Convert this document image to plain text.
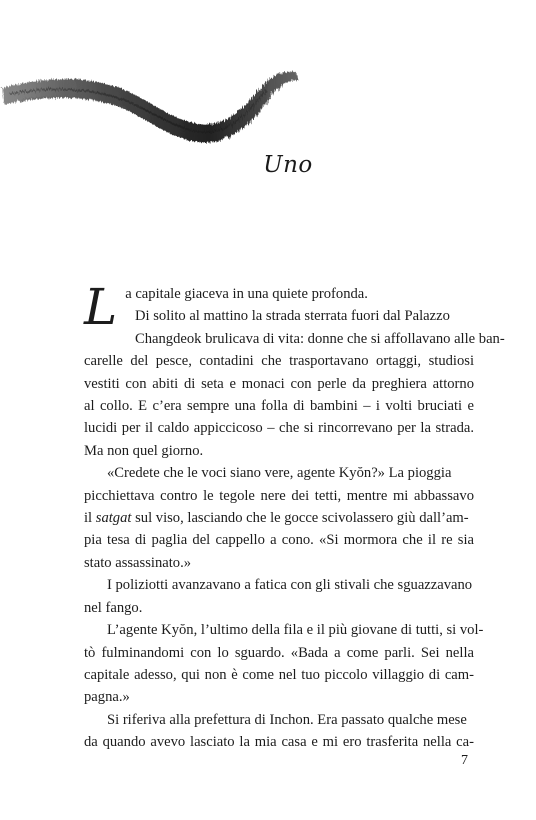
Uno

L a capitale giaceva in una quiete profonda.

Di solito al mattino la strada sterrata fuori dal Palazzo
Changdeok brulicava di vita: donne che si affollavano alle ban-
carelle del pesce, contadini che trasportavano ortaggi, studiosi
vestiti con abiti di seta e monaci con perle da preghiera attorno
al collo. E c’era sempre una folla di bambini – i volti bruciati e
lucidi per il caldo appiccicoso – che si rincorrevano per la strada.
Ma non quel giorno.

«Credete che le voci siano vere, agente Kyŏn?» La pioggia
picchiettava contro le tegole nere dei tetti, mentre mi abbassavo
il satgat sul viso, lasciando che le gocce scivolassero giù dall’am-
pia tesa di paglia del cappello a cono. «Si mormora che il re sia
stato assassinato.»

I poliziotti avanzavano a fatica con gli stivali che sguazzavano
nel fango.

L’agente Kyŏn, l’ultimo della fila e il più giovane di tutti, si vol-
tò fulminandomi con lo sguardo. «Bada a come parli. Sei nella
capitale adesso, qui non è come nel tuo piccolo villaggio di cam-
pagna.»

Si riferiva alla prefettura di Inchon. Era passato qualche mese
da quando avevo lasciato la mia casa e mi ero trasferita nella ca-

7
